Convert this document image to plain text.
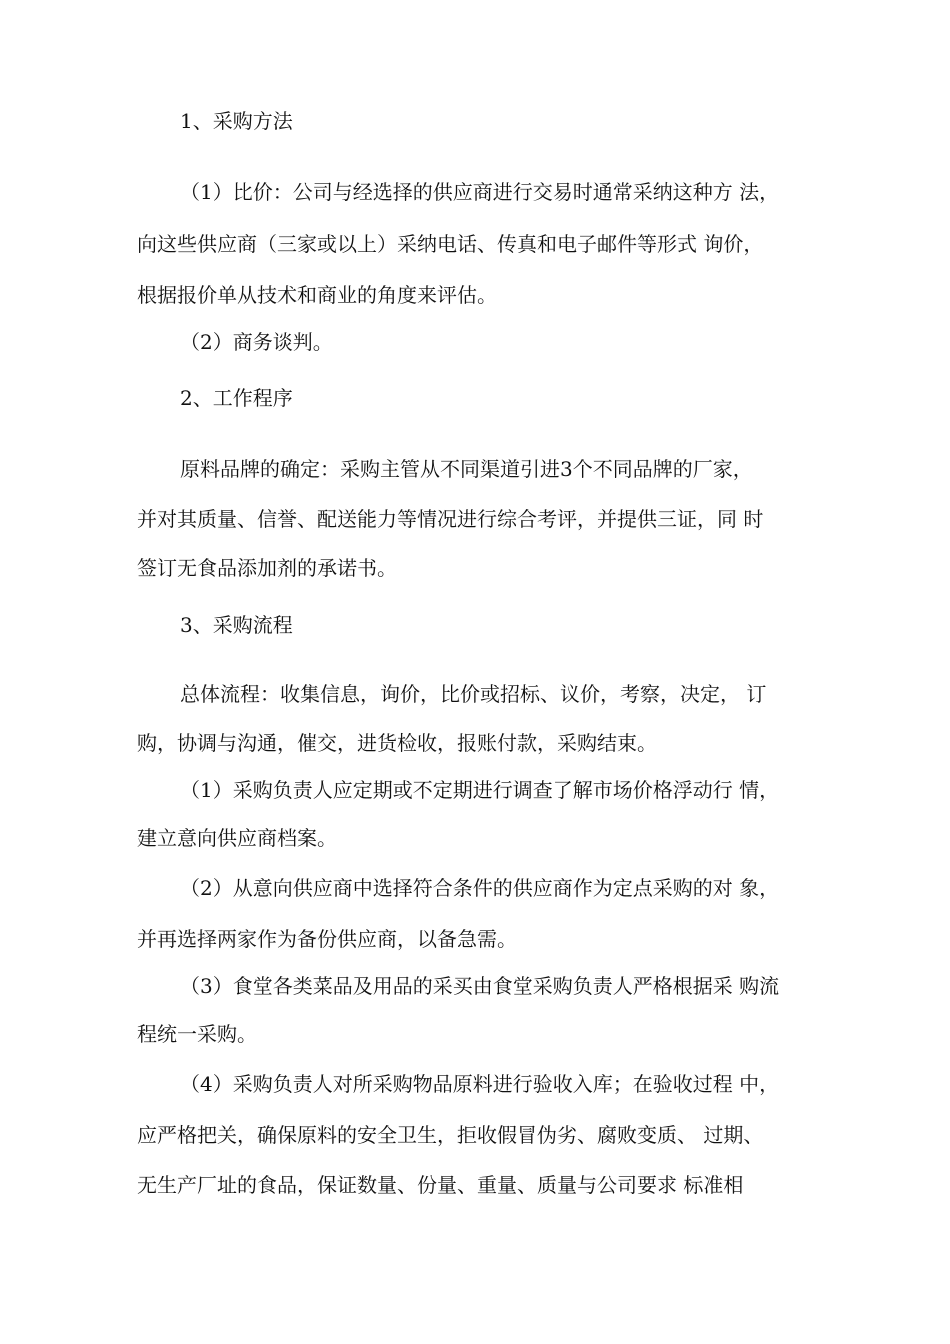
1、采购方法

（1）比价：公司与经选择的供应商进行交易时通常采纳这种方 法，

向这些供应商（三家或以上）采纳电话、传真和电子邮件等形式 询价，

根据报价单从技术和商业的角度来评估。

（2）商务谈判。

2、工作程序

原料品牌的确定：采购主管从不同渠道引进3个不同品牌的厂家，

并对其质量、信誉、配送能力等情况进行综合考评，并提供三证，同 时

签订无食品添加剂的承诺书。

3、采购流程

总体流程：收集信息，询价，比价或招标、议价，考察，决定， 订

购，协调与沟通，催交，进货检收，报账付款，采购结束。

（1）采购负责人应定期或不定期进行调查了解市场价格浮动行 情，

建立意向供应商档案。

（2）从意向供应商中选择符合条件的供应商作为定点采购的对 象，

并再选择两家作为备份供应商，以备急需。

（3）食堂各类菜品及用品的采买由食堂采购负责人严格根据采 购流

程统一采购。

（4）采购负责人对所采购物品原料进行验收入库；在验收过程 中，

应严格把关，确保原料的安全卫生，拒收假冒伪劣、腐败变质、 过期、

无生产厂址的食品，保证数量、份量、重量、质量与公司要求 标准相
